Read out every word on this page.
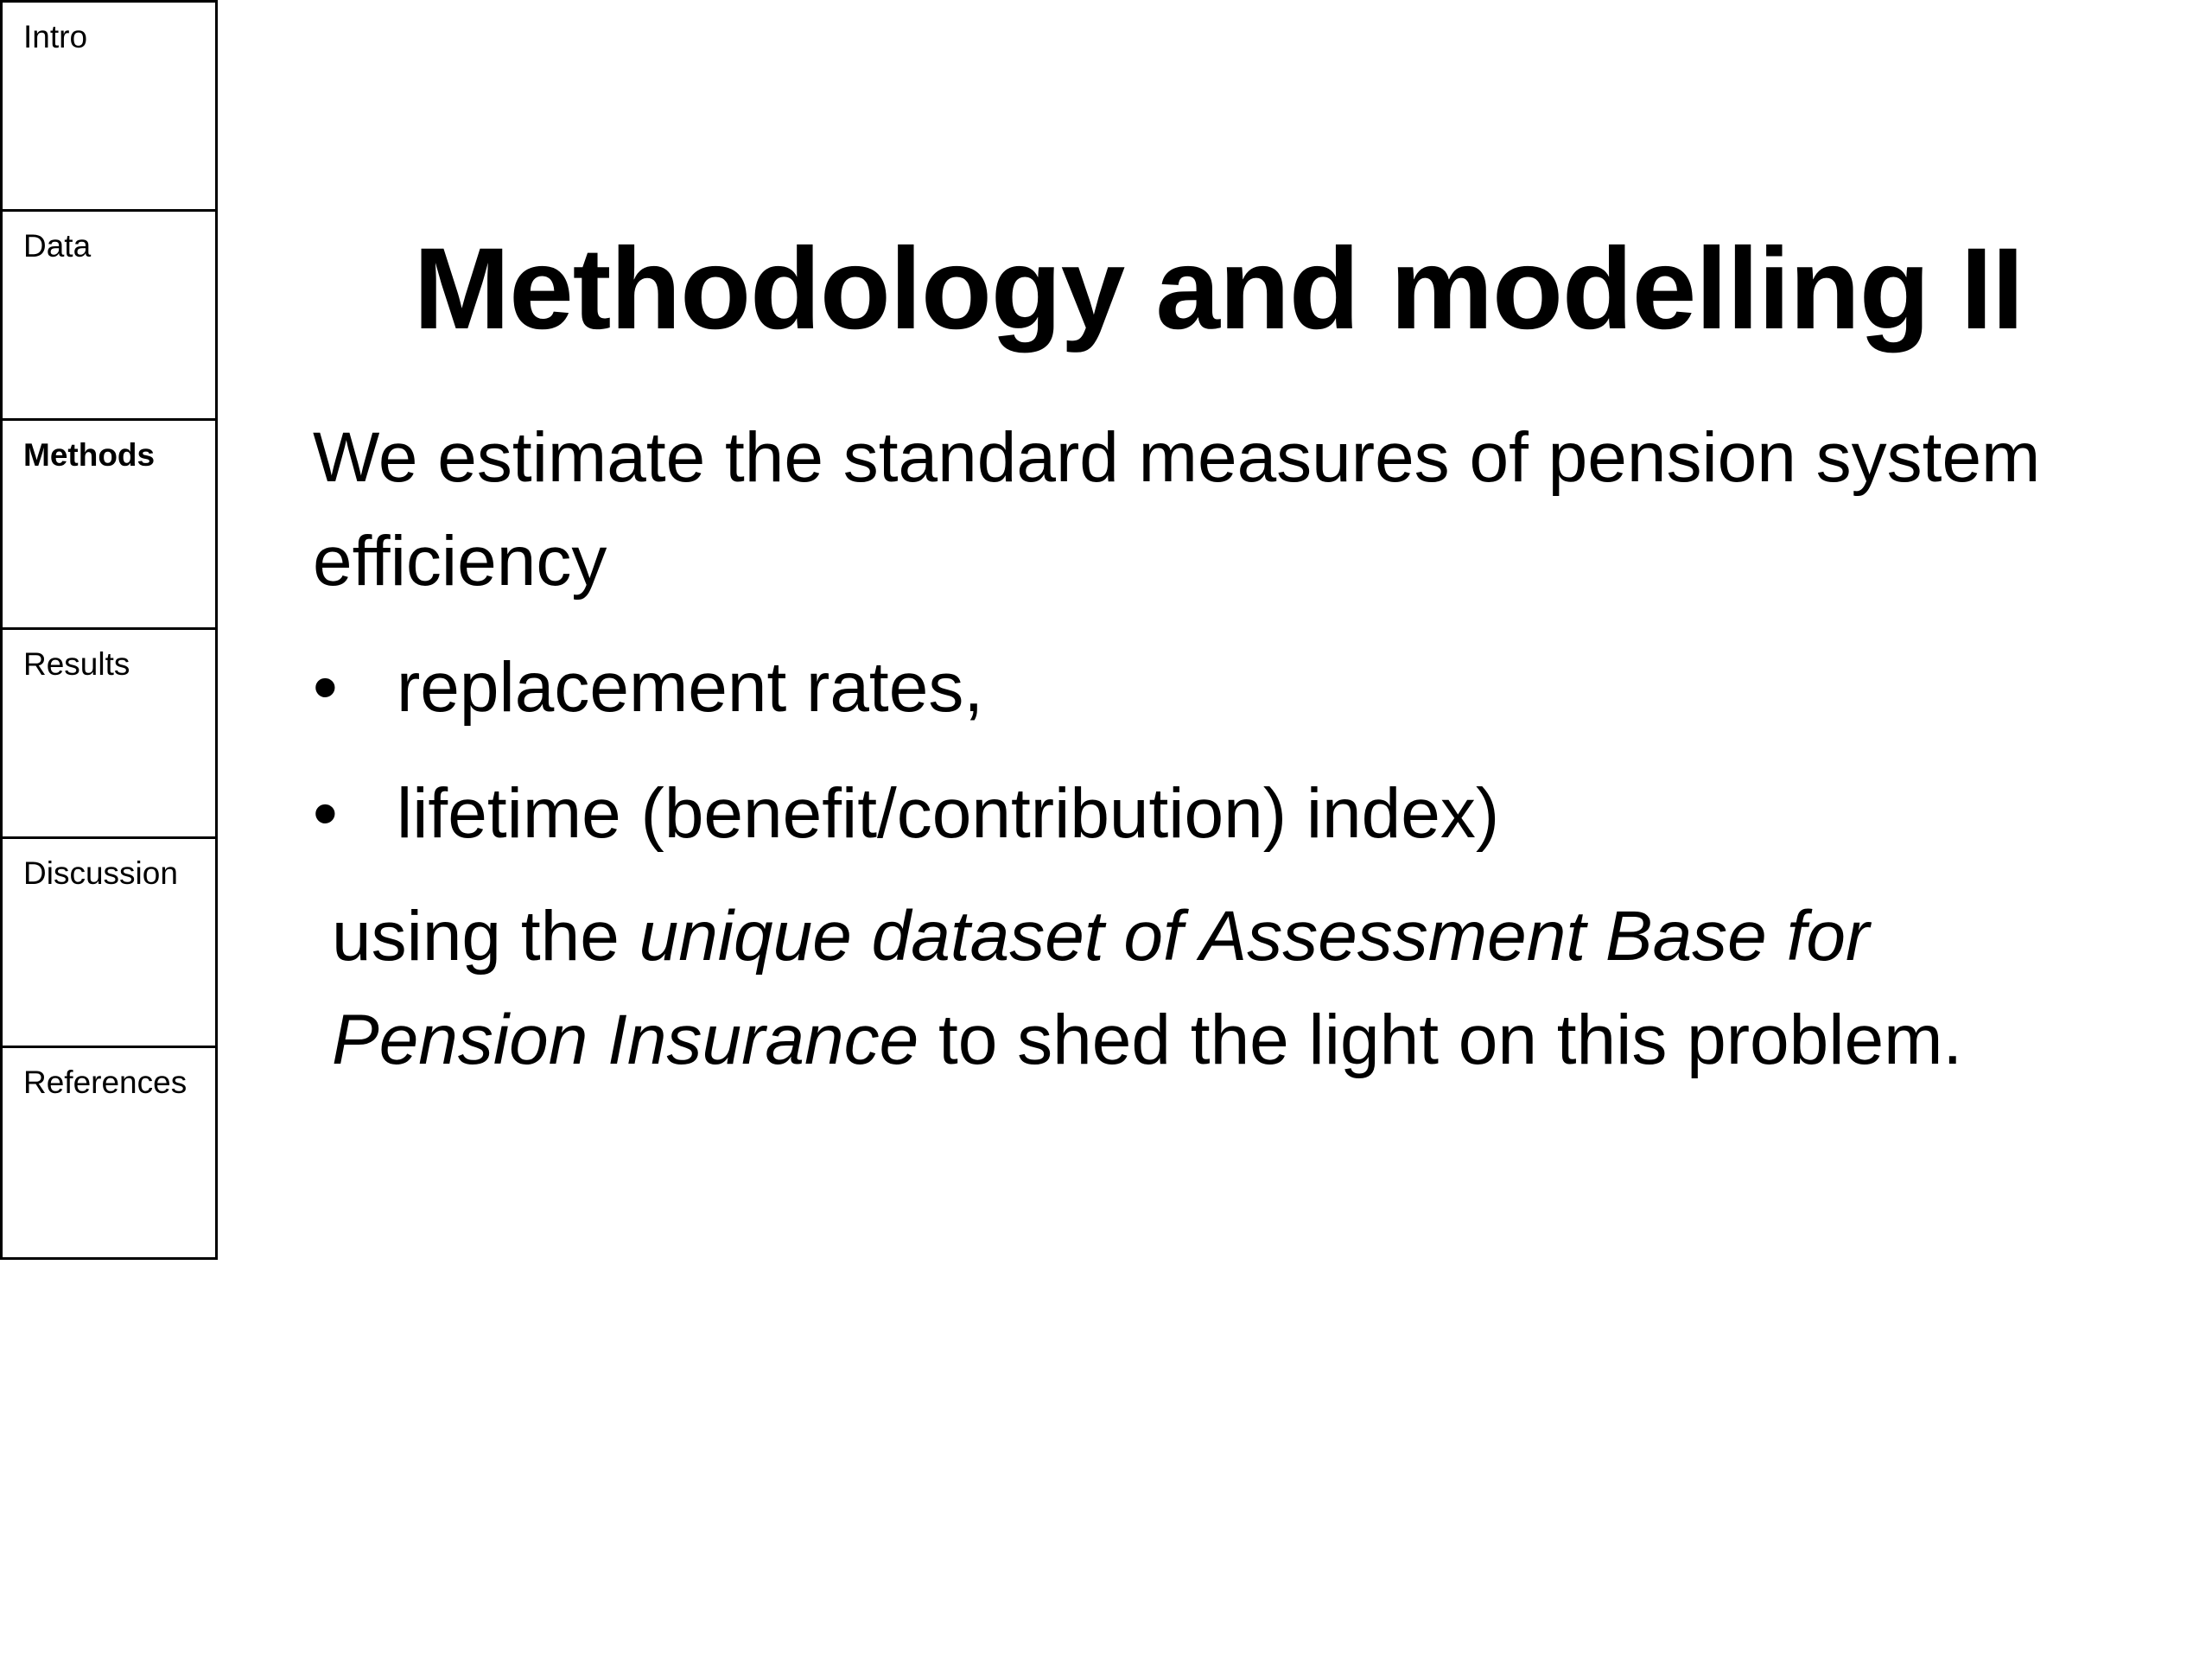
Intro
Data
Methods
Results
Discussion
References
Methodology and modelling II

We estimate the standard measures of pension system efficiency

• replacement rates,
• lifetime (benefit/contribution) index)

using the unique dataset of Assessment Base for Pension Insurance to shed the light on this problem.
